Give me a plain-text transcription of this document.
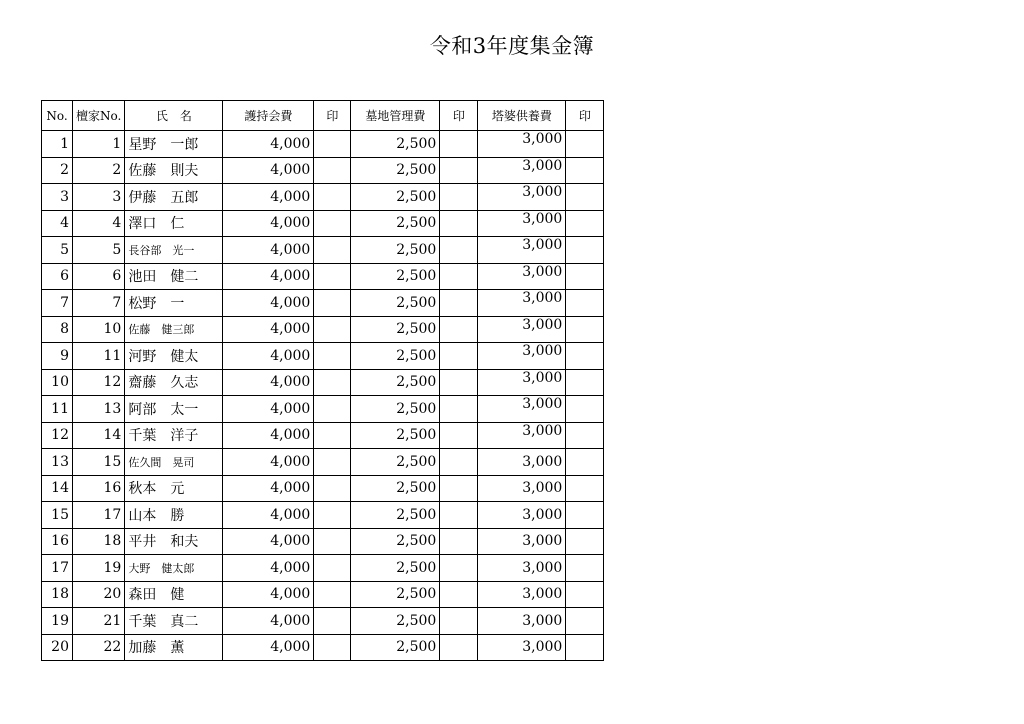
令和3年度集金簿
No.	檀家No.	氏　名	護持会費	印	墓地管理費	印	塔婆供養費	印
1	1	星野　一郎	4,000		2,500		3,000	
2	2	佐藤　則夫	4,000		2,500		3,000	
3	3	伊藤　五郎	4,000		2,500		3,000	
4	4	澤口　仁	4,000		2,500		3,000	
5	5	長谷部　光一	4,000		2,500		3,000	
6	6	池田　健二	4,000		2,500		3,000	
7	7	松野　一	4,000		2,500		3,000	
8	10	佐藤　健三郎	4,000		2,500		3,000	
9	11	河野　健太	4,000		2,500		3,000	
10	12	齋藤　久志	4,000		2,500		3,000	
11	13	阿部　太一	4,000		2,500		3,000	
12	14	千葉　洋子	4,000		2,500		3,000	
13	15	佐久間　晃司	4,000		2,500		3,000	
14	16	秋本　元	4,000		2,500		3,000	
15	17	山本　勝	4,000		2,500		3,000	
16	18	平井　和夫	4,000		2,500		3,000	
17	19	大野　健太郎	4,000		2,500		3,000	
18	20	森田　健	4,000		2,500		3,000	
19	21	千葉　真二	4,000		2,500		3,000	
20	22	加藤　薫	4,000		2,500		3,000	
